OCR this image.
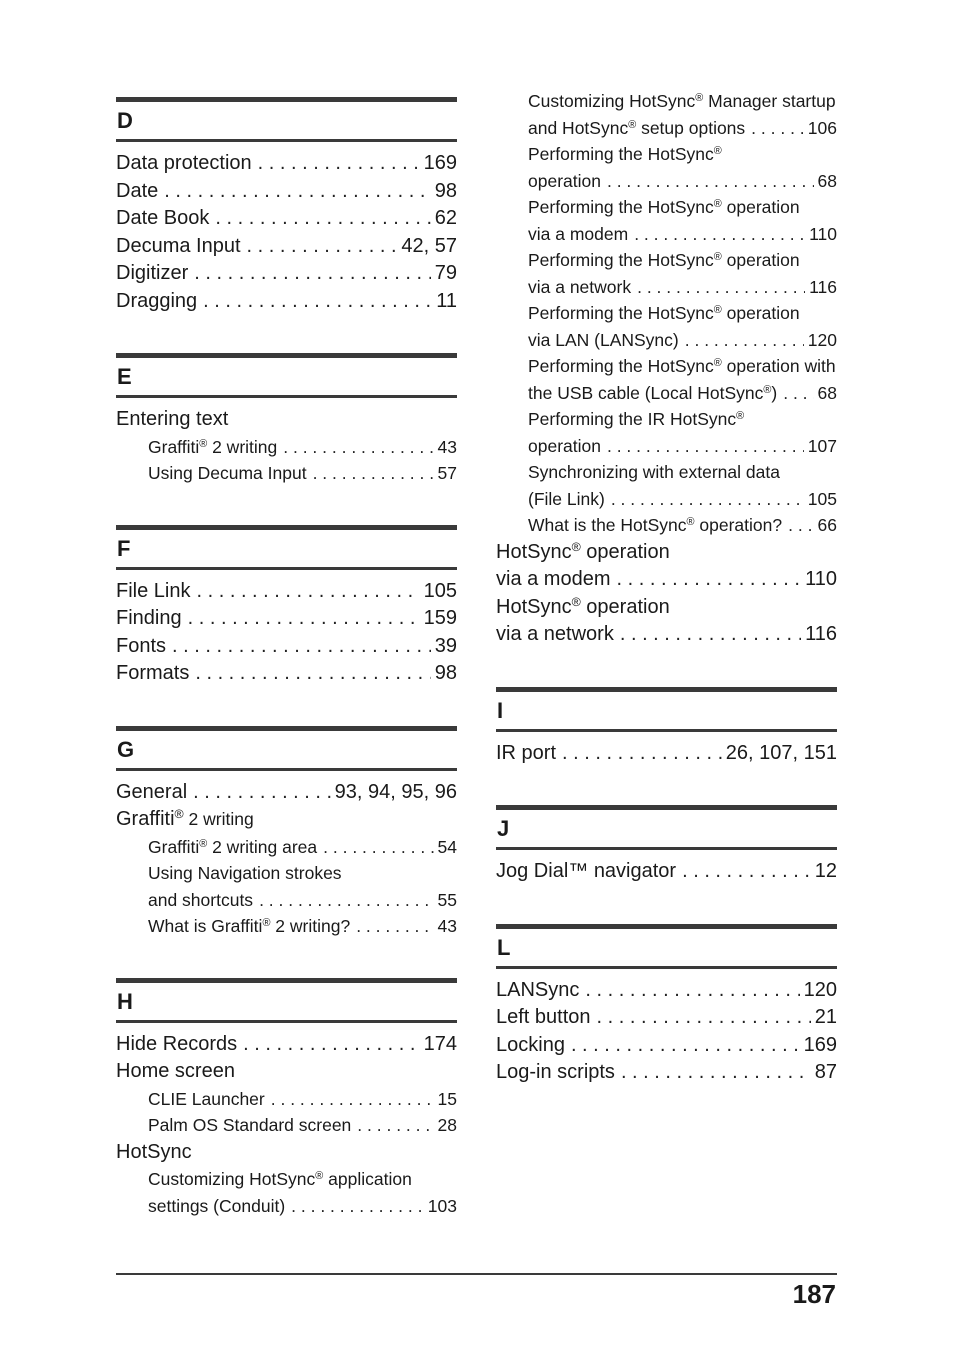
D
Data protection . . .	169
Date . . .	98
Date Book . . .	62
Decuma Input . . .	42, 57
Digitizer . . .	79
Dragging . . .	11
E
Entering text
Graffiti® 2 writing . . .	43
Using Decuma Input . . .	57
F
File Link . . .	105
Finding . . .	159
Fonts . . .	39
Formats . . .	98
G
General . . .	93, 94, 95, 96
Graffiti® 2 writing
Graffiti® 2 writing area . . .	54
Using Navigation strokes
and shortcuts . . .	55
What is Graffiti® 2 writing? . . .	43
H
Hide Records . . .	174
Home screen
CLIE Launcher . . .	15
Palm OS Standard screen . . .	28
HotSync
Customizing HotSync® application
settings (Conduit) . . .	103
Customizing HotSync® Manager startup
and HotSync® setup options . . .	106
Performing the HotSync®
operation . . .	68
Performing the HotSync® operation
via a modem . . .	110
Performing the HotSync® operation
via a network . . .	116
Performing the HotSync® operation
via LAN (LANSync) . . .	120
Performing the HotSync® operation with
the USB cable (Local HotSync®) . . . 68
Performing the IR HotSync®
operation . . .	107
Synchronizing with external data
(File Link) . . .	105
What is the HotSync® operation? . . . 66
HotSync® operation
via a modem . . .	110
HotSync® operation
via a network . . .	116
I
IR port . . .	26, 107, 151
J
Jog Dial™ navigator . . .	12
L
LANSync . . .	120
Left button . . .	21
Locking . . .	169
Log-in scripts . . .	87
187
